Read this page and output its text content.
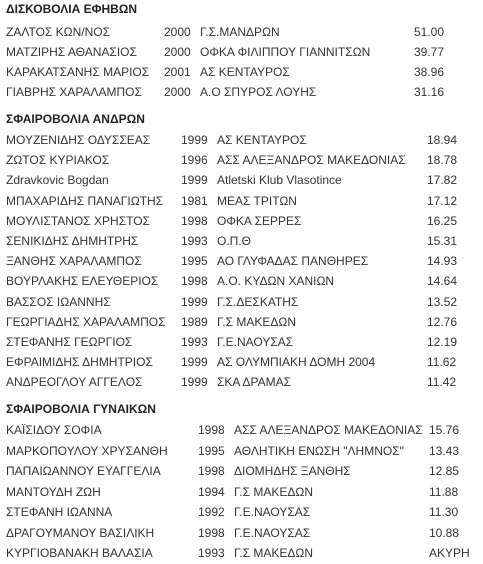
ΔΙΣΚΟΒΟΛΙΑ ΕΦΗΒΩΝ
ΖΑΛΤΟΣ ΚΩΝ/ΝΟΣ	2000 Γ.Σ.ΜΑΝΔΡΩΝ	51.00
ΜΑΤΖΙΡΗΣ ΑΘΑΝΑΣΙΟΣ 2000 ΟΦΚΑ ΦΙΛΙΠΠΟΥ ΓΙΑΝΝΙΤΣΩΝ	39.77
ΚΑΡΑΚΑΤΣΑΝΗΣ ΜΑΡΙΟΣ 2001 ΑΣ ΚΕΝΤΑΥΡΟΣ	38.96
ΓΙΑΒΡΗΣ ΧΑΡΑΛΑΜΠΟΣ 2000 Α.Ο ΣΠΥΡΟΣ ΛΟΥΗΣ	31.16
ΣΦΑΙΡΟΒΟΛΙΑ ΑΝΔΡΩΝ
ΜΟΥΖΕΝΙΔΗΣ ΟΔΥΣΣΕΑΣ	1999 ΑΣ ΚΕΝΤΑΥΡΟΣ	18.94
ΖΩΤΟΣ ΚΥΡΙΑΚΟΣ	1996 ΑΣΣ ΑΛΕΞΑΝΔΡΟΣ ΜΑΚΕΔΟΝΙΑΣ 18.78
Zdravkovic Bogdan	1999 Atletski Klub Vlasotince	17.82
ΜΠΑΧΑΡΙΔΗΣ ΠΑΝΑΓΙΩΤΗΣ 1981 ΜΕΑΣ ΤΡΙΤΩΝ	17.12
ΜΟΥΛΙΣΤΑΝΟΣ ΧΡΗΣΤΟΣ	1998 ΟΦΚΑ ΣΕΡΡΕΣ	16.25
ΣΕΝΙΚΙΔΗΣ ΔΗΜΗΤΡΗΣ	1993 Ο.Π.Θ	15.31
ΞΑΝΘΗΣ ΧΑΡΑΛΑΜΠΟΣ	1995 ΑΟ ΓΛΥΦΑΔΑΣ ΠΑΝΘΗΡΕΣ	14.93
ΒΟΥΡΛΑΚΗΣ ΕΛΕΥΘΕΡΙΟΣ 1998 Α.Ο. ΚΥΔΩΝ ΧΑΝΙΩΝ	14.64
ΒΑΣΣΟΣ ΙΩΑΝΝΗΣ	1999 Γ.Σ.ΔΕΣΚΑΤΗΣ	13.52
ΓΕΩΡΓΙΑΔΗΣ ΧΑΡΑΛΑΜΠΟΣ 1989 Γ.Σ ΜΑΚΕΔΩΝ	12.76
ΣΤΕΦΑΝΗΣ ΓΕΩΡΓΙΟΣ	1993 Γ.Ε.ΝΑΟΥΣΑΣ	12.19
ΕΦΡΑΙΜΙΔΗΣ ΔΗΜΗΤΡΙΟΣ 1999 ΑΣ ΟΛΥΜΠΙΑΚΗ ΔΟΜΗ 2004	11.62
ΑΝΔΡΕΟΓΛΟΥ ΑΓΓΕΛΟΣ	1999 ΣΚΑ ΔΡΑΜΑΣ	11.42
ΣΦΑΙΡΟΒΟΛΙΑ ΓΥΝΑΙΚΩΝ
ΚΑΪΣΙΔΟΥ ΣΟΦΙΑ	1998 ΑΣΣ ΑΛΕΞΑΝΔΡΟΣ ΜΑΚΕΔΟΝΙΑΣ 15.76
ΜΑΡΚΟΠΟΥΛΟΥ ΧΡΥΣΑΝΘΗ	1995 ΑΘΛΗΤΙΚΗ ΕΝΩΣΗ "ΛΗΜΝΟΣ" 13.43
ΠΑΠΑΙΩΑΝΝΟΥ ΕΥΑΓΓΕΛΙΑ	1998 ΔΙΟΜΗΔΗΣ ΞΑΝΘΗΣ	12.85
ΜΑΝΤΟΥΔΗ ΖΩΗ	1994 Γ.Σ ΜΑΚΕΔΩΝ	11.88
ΣΤΕΦΑΝΗ ΙΩΑΝΝΑ	1992 Γ.Ε.ΝΑΟΥΣΑΣ	11.30
ΔΡΑΓΟΥΜΑΝΟΥ ΒΑΣΙΛΙΚΗ	1998 Γ.Ε.ΝΑΟΥΣΑΣ	10.88
ΚΥΡΓΙΟΒΑΝΑΚΗ ΒΑΛΑΣΙΑ	1993 Γ.Σ ΜΑΚΕΔΩΝ	ΑΚΥΡΗ
